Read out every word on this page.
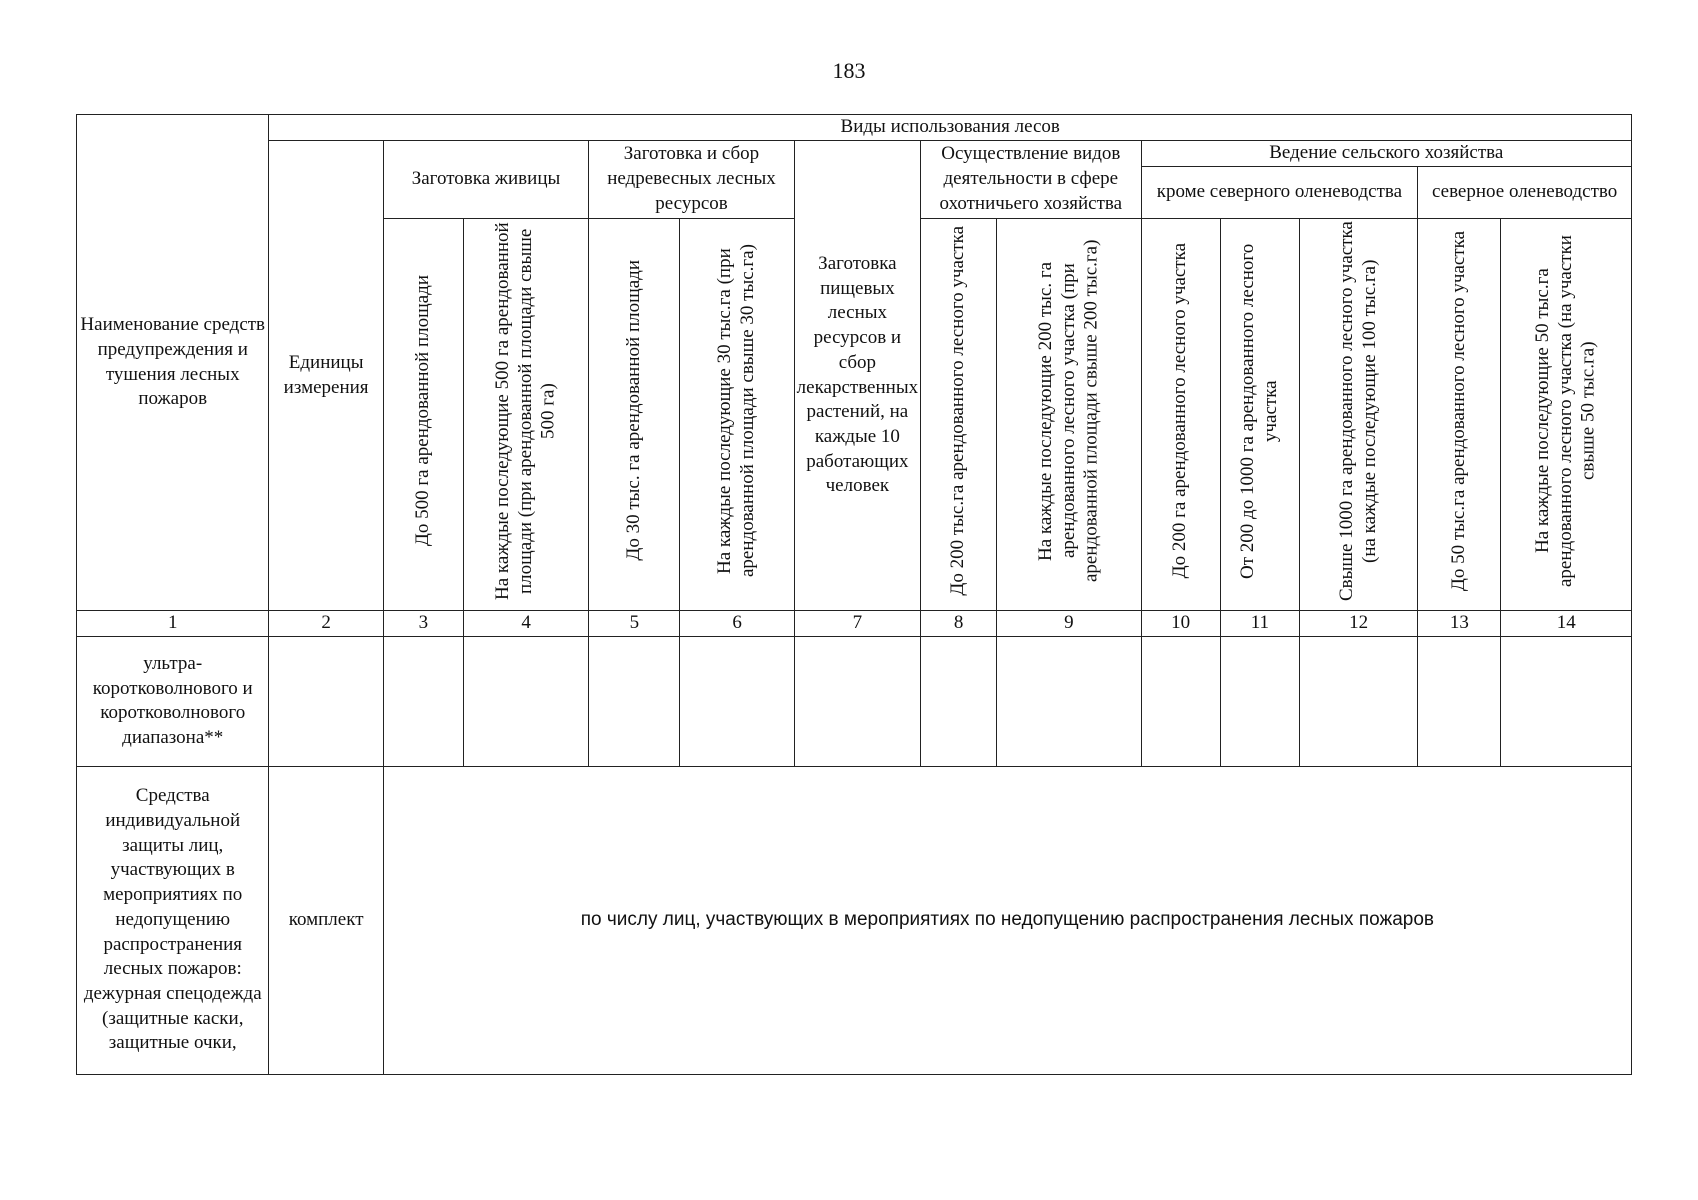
183
Наименование средств предупреждения и тушения лесных пожаров	Виды использования лесов												
	Единицы измерения	Заготовка живицы		Заготовка и сбор недревесных лесных ресурсов		Заготовка пищевых лесных ресурсов и сбор лекарственных растений, на каждые 10 работающих человек	Осуществление видов деятельности в сфере охотничьего хозяйства		Ведение сельского хозяйства				
									кроме северного оленеводства			северное оленеводство	
		До 500 га арендованной площади	На каждые последующие 500 га арендованной площади (при арендованной площади свыше 500 га)	До 30 тыс. га арендованной площади	На каждые последующие 30 тыс.га (при арендованной площади свыше 30 тыс.га)		До 200 тыс.га арендованного лесного участка	На каждые последующие 200 тыс. га арендованного лесного участка (при арендованной площади свыше 200 тыс.га)	До 200 га арендованного лесного участка	От 200 до 1000 га арендованного лесного участка	Свыше 1000 га арендованного лесного участка (на каждые последующие 100 тыс.га)	До 50 тыс.га арендованного лесного участка	На каждые последующие 50 тыс.га арендованного лесного участка (на участки свыше 50 тыс.га)
1	2	3	4	5	6	7	8	9	10	11	12	13	14
ультра-коротковолнового и коротковолнового диапазона**													
Средства индивидуальной защиты лиц, участвующих в мероприятиях по недопущению распространения лесных пожаров: дежурная спецодежда (защитные каски, защитные очки,	комплект	по числу лиц, участвующих в мероприятиях по недопущению распространения лесных пожаров											
